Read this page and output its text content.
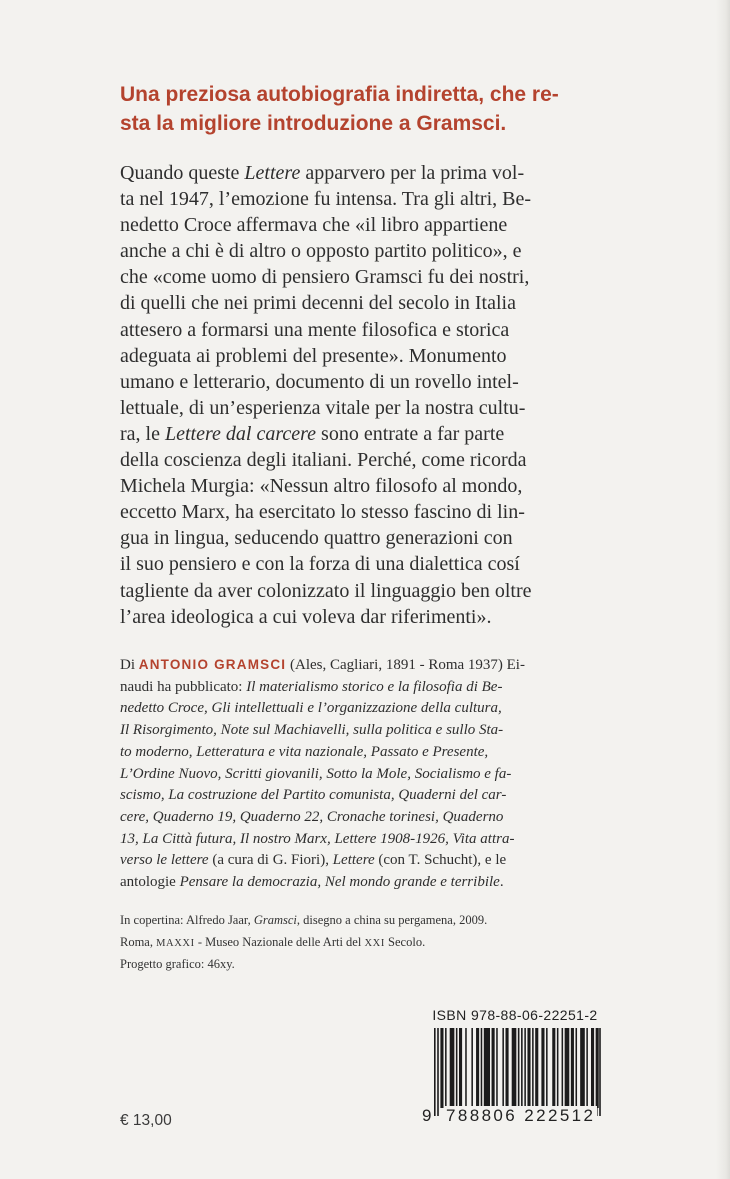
Una preziosa autobiografia indiretta, che re-
sta la migliore introduzione a Gramsci.
Quando queste Lettere apparvero per la prima vol-
ta nel 1947, l’emozione fu intensa. Tra gli altri, Be-
nedetto Croce affermava che «il libro appartiene
anche a chi è di altro o opposto partito politico», e
che «come uomo di pensiero Gramsci fu dei nostri,
di quelli che nei primi decenni del secolo in Italia
attesero a formarsi una mente filosofica e storica
adeguata ai problemi del presente». Monumento
umano e letterario, documento di un rovello intel-
lettuale, di un’esperienza vitale per la nostra cultu-
ra, le Lettere dal carcere sono entrate a far parte
della coscienza degli italiani. Perché, come ricorda
Michela Murgia: «Nessun altro filosofo al mondo,
eccetto Marx, ha esercitato lo stesso fascino di lin-
gua in lingua, seducendo quattro generazioni con
il suo pensiero e con la forza di una dialettica cosí
tagliente da aver colonizzato il linguaggio ben oltre
l’area ideologica a cui voleva dar riferimenti».
Di ANTONIO GRAMSCI (Ales, Cagliari, 1891 - Roma 1937) Ei-
naudi ha pubblicato: Il materialismo storico e la filosofia di Be-
nedetto Croce, Gli intellettuali e l’organizzazione della cultura,
Il Risorgimento, Note sul Machiavelli, sulla politica e sullo Sta-
to moderno, Letteratura e vita nazionale, Passato e Presente,
L’Ordine Nuovo, Scritti giovanili, Sotto la Mole, Socialismo e fa-
scismo, La costruzione del Partito comunista, Quaderni del car-
cere, Quaderno 19, Quaderno 22, Cronache torinesi, Quaderno
13, La Città futura, Il nostro Marx, Lettere 1908-1926, Vita attra-
verso le lettere (a cura di G. Fiori), Lettere (con T. Schucht), e le
antologie Pensare la democrazia, Nel mondo grande e terribile.
In copertina: Alfredo Jaar, Gramsci, disegno a china su pergamena, 2009.
Roma, MAXXI - Museo Nazionale delle Arti del XXI Secolo.
Progetto grafico: 46xy.

ISBN 978-88-06-22251-2

9 788806 222512
€ 13,00
